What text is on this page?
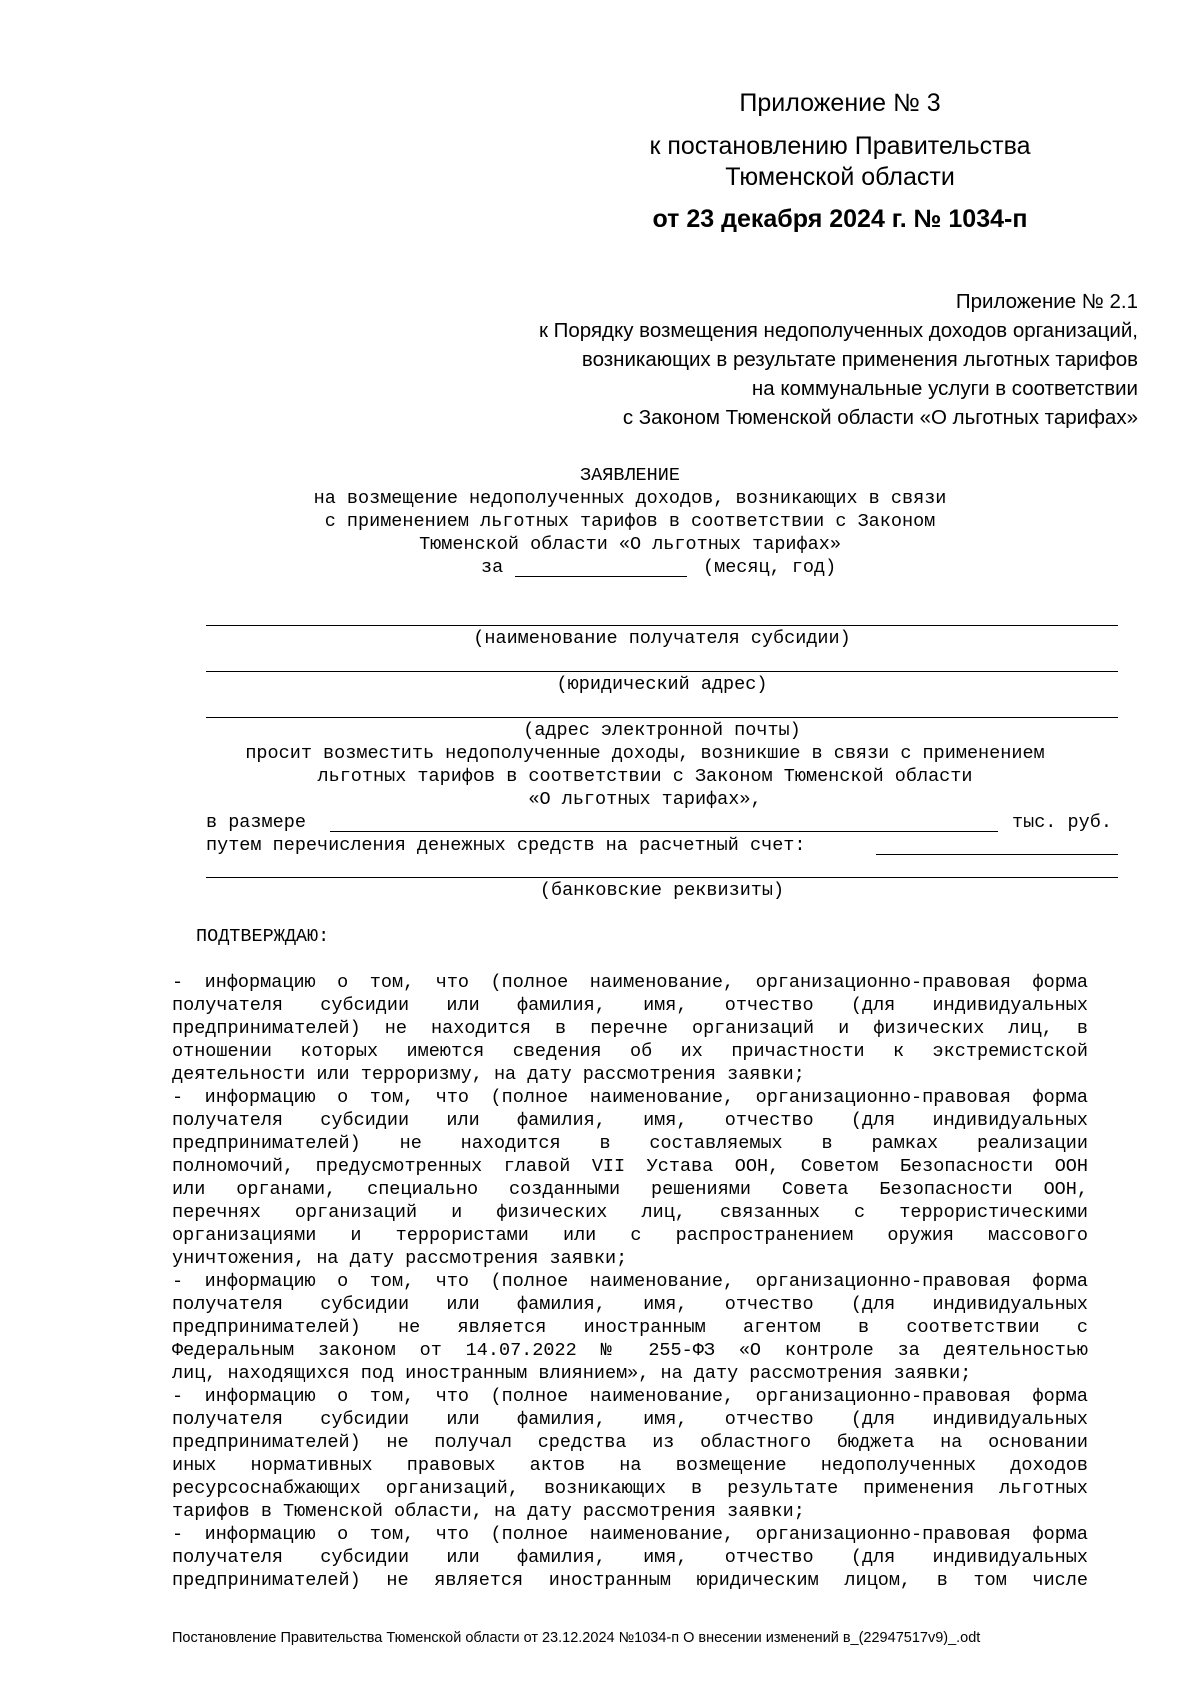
Приложение № 3
к постановлению Правительства
Тюменской области
от 23 декабря 2024 г. № 1034-п
Приложение № 2.1
к Порядку возмещения недополученных доходов организаций,
возникающих в результате применения льготных тарифов
на коммунальные услуги в соответствии
с Законом Тюменской области «О льготных тарифах»
ЗАЯВЛЕНИЕ
на возмещение недополученных доходов, возникающих в связи
с применением льготных тарифов в соответствии с Законом
Тюменской области «О льготных тарифах»
за	(месяц, год)
(наименование получателя субсидии)
(юридический адрес)
(адрес электронной почты)
просит возместить недополученные доходы, возникшие в связи с применением
льготных тарифов в соответствии с Законом Тюменской области
«О льготных тарифах»,
в размере	тыс. руб.
путем перечисления денежных средств на расчетный счет:
(банковские реквизиты)
ПОДТВЕРЖДАЮ:
- информацию о том, что (полное наименование, организационно-правовая форма
получателя субсидии или фамилия, имя, отчество (для индивидуальных
предпринимателей) не находится в перечне организаций и физических лиц, в
отношении которых имеются сведения об их причастности к экстремистской
деятельности или терроризму, на дату рассмотрения заявки;
- информацию о том, что (полное наименование, организационно-правовая форма
получателя субсидии или фамилия, имя, отчество (для индивидуальных
предпринимателей) не находится в составляемых в рамках реализации
полномочий, предусмотренных главой VII Устава ООН, Советом Безопасности ООН
или органами, специально созданными решениями Совета Безопасности ООН,
перечнях организаций и физических лиц, связанных с террористическими
организациями и террористами или с распространением оружия массового
уничтожения, на дату рассмотрения заявки;
- информацию о том, что (полное наименование, организационно-правовая форма
получателя субсидии или фамилия, имя, отчество (для индивидуальных
предпринимателей) не является иностранным агентом в соответствии с
Федеральным законом от 14.07.2022 № 255-ФЗ «О контроле за деятельностью
лиц, находящихся под иностранным влиянием», на дату рассмотрения заявки;
- информацию о том, что (полное наименование, организационно-правовая форма
получателя субсидии или фамилия, имя, отчество (для индивидуальных
предпринимателей) не получал средства из областного бюджета на основании
иных нормативных правовых актов на возмещение недополученных доходов
ресурсоснабжающих организаций, возникающих в результате применения льготных
тарифов в Тюменской области, на дату рассмотрения заявки;
- информацию о том, что (полное наименование, организационно-правовая форма
получателя субсидии или фамилия, имя, отчество (для индивидуальных
предпринимателей) не является иностранным юридическим лицом, в том числе
Постановление Правительства Тюменской области от 23.12.2024 №1034-п О внесении изменений в_(22947517v9)_.odt
